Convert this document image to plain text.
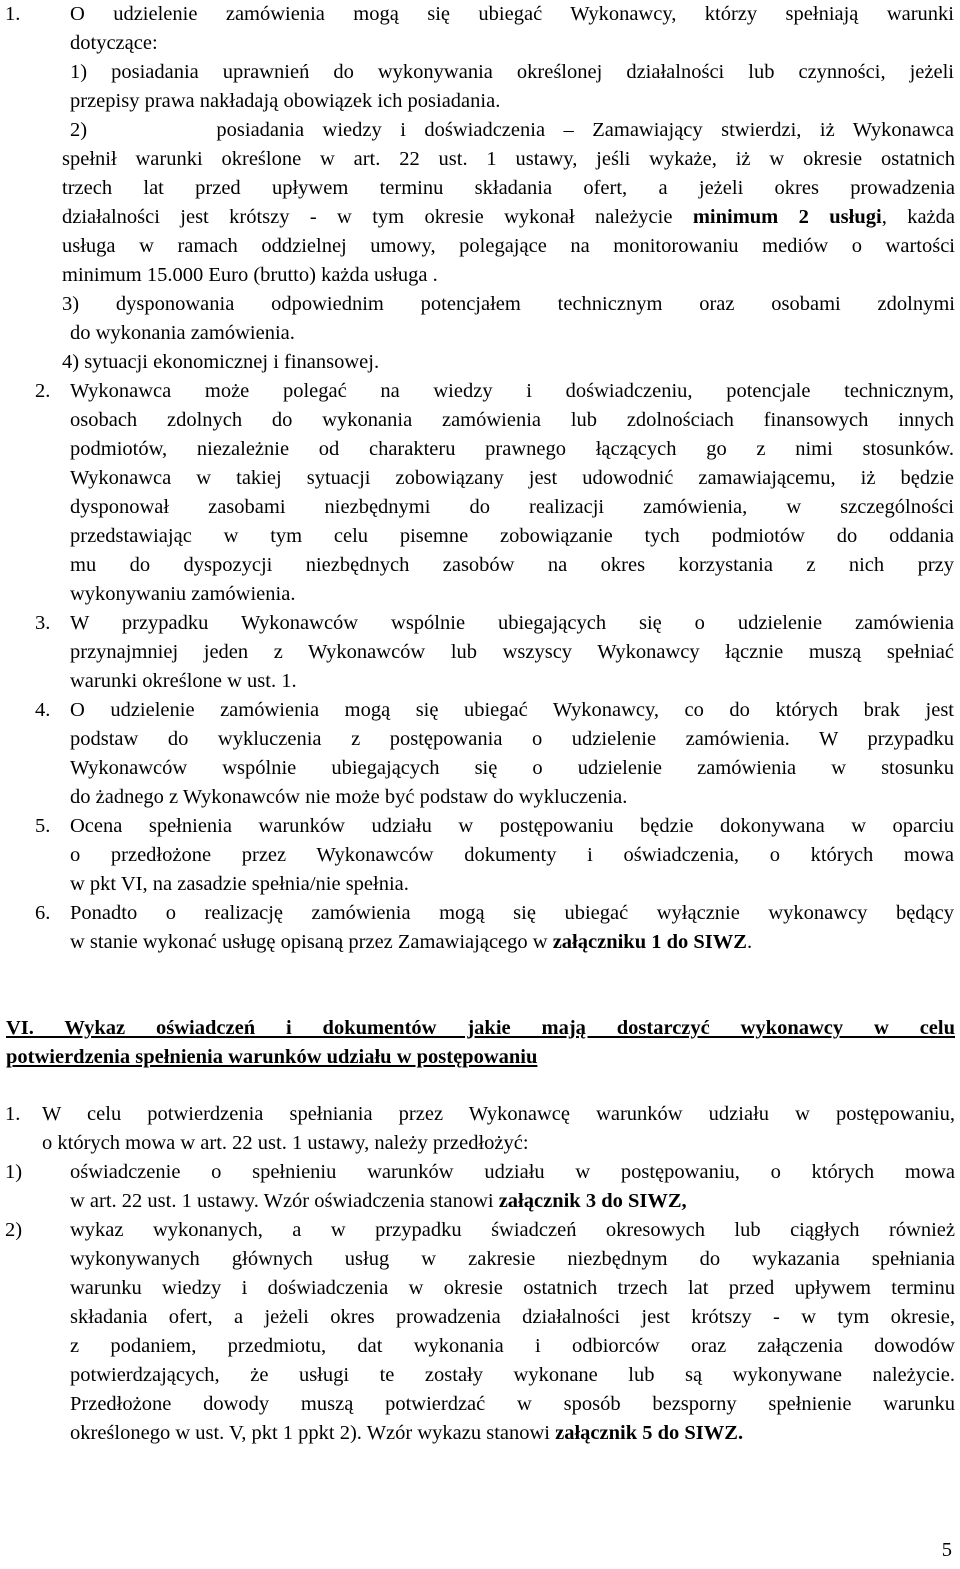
1. O udzielenie zamówienia mogą się ubiegać Wykonawcy, którzy spełniają warunki
dotyczące:
1) posiadania uprawnień do wykonywania określonej działalności lub czynności, jeżeli
przepisy prawa nakładają obowiązek ich posiadania.
2)       posiadania wiedzy i doświadczenia – Zamawiający stwierdzi, iż Wykonawca
spełnił warunki określone w art. 22 ust. 1 ustawy, jeśli wykaże, iż w okresie ostatnich
trzech lat przed upływem terminu składania ofert, a jeżeli okres prowadzenia
działalności jest krótszy - w tym okresie wykonał należycie minimum 2 usługi, każda
usługa w ramach oddzielnej umowy, polegające na monitorowaniu mediów o wartości
minimum 15.000 Euro (brutto) każda usługa .
3) dysponowania odpowiednim potencjałem technicznym oraz osobami zdolnymi
do wykonania zamówienia.
4) sytuacji ekonomicznej i finansowej.
2. Wykonawca może polegać na wiedzy i doświadczeniu, potencjale technicznym,
osobach zdolnych do wykonania zamówienia lub zdolnościach finansowych innych
podmiotów, niezależnie od charakteru prawnego łączących go z nimi stosunków.
Wykonawca w takiej sytuacji zobowiązany jest udowodnić zamawiającemu, iż będzie
dysponował zasobami niezbędnymi do realizacji zamówienia, w szczególności
przedstawiając w tym celu pisemne zobowiązanie tych podmiotów do oddania
mu do dyspozycji niezbędnych zasobów na okres korzystania z nich przy
wykonywaniu zamówienia.
3. W przypadku Wykonawców wspólnie ubiegających się o udzielenie zamówienia
przynajmniej jeden z Wykonawców lub wszyscy Wykonawcy łącznie muszą spełniać
warunki określone w ust. 1.
4. O udzielenie zamówienia mogą się ubiegać Wykonawcy, co do których brak jest
podstaw do wykluczenia z postępowania o udzielenie zamówienia. W przypadku
Wykonawców wspólnie ubiegających się o udzielenie zamówienia w stosunku
do żadnego z Wykonawców nie może być podstaw do wykluczenia.
5. Ocena spełnienia warunków udziału w postępowaniu będzie dokonywana w oparciu
o przedłożone przez Wykonawców dokumenty i oświadczenia, o których mowa
w pkt VI, na zasadzie spełnia/nie spełnia.
6. Ponadto o realizację zamówienia mogą się ubiegać wyłącznie wykonawcy będący
w stanie wykonać usługę opisaną przez Zamawiającego w załączniku 1 do SIWZ.
VI. Wykaz oświadczeń i dokumentów jakie mają dostarczyć wykonawcy w celu
potwierdzenia spełnienia warunków udziału w postępowaniu
1. W celu potwierdzenia spełniania przez Wykonawcę warunków udziału w postępowaniu,
o których mowa w art. 22 ust. 1 ustawy, należy przedłożyć:
1) oświadczenie o spełnieniu warunków udziału w postępowaniu, o których mowa
w art. 22 ust. 1 ustawy. Wzór oświadczenia stanowi załącznik 3 do SIWZ,
2) wykaz wykonanych, a w przypadku świadczeń okresowych lub ciągłych również
wykonywanych głównych usług w zakresie niezbędnym do wykazania spełniania
warunku wiedzy i doświadczenia w okresie ostatnich trzech lat przed upływem terminu
składania ofert, a jeżeli okres prowadzenia działalności jest krótszy - w tym okresie,
z podaniem, przedmiotu, dat wykonania i odbiorców oraz załączenia dowodów
potwierdzających, że usługi te zostały wykonane lub są wykonywane należycie.
Przedłożone dowody muszą potwierdzać w sposób bezsporny spełnienie warunku
określonego w ust. V, pkt 1 ppkt 2). Wzór wykazu stanowi załącznik 5 do SIWZ.
5
